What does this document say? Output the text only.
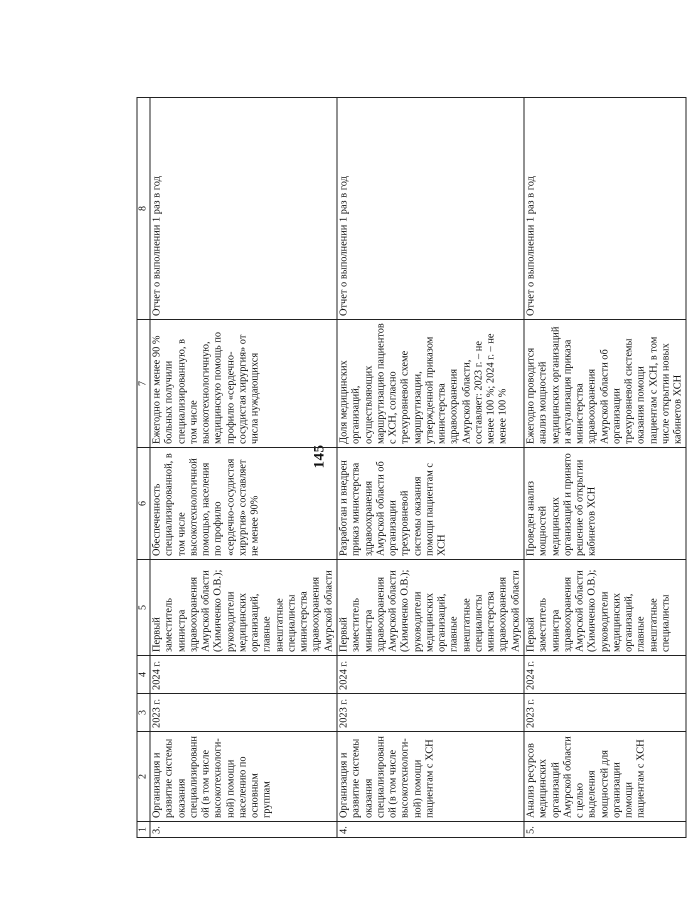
145
1	2	3	4	5	6	7	8
3.	Организация и развитие системы оказания специализированной (в том числе высокотехнологи-ной) помощи населению по основным группам	2023 г.	2024 г.	Первый заместитель министра здравоохранения Амурской области (Химиченко О.В.); руководители медицинских организаций, главные внештатные специалисты министерства здравоохранения Амурской области	Обеспеченность специализированной, в том числе высокотехнологичной помощью, населения по профилю «сердечно-сосудистая хирургия» составляет не менее 90%	Ежегодно не менее 90 % больных получили специализированную, в том числе высокотехнологичную, медицинскую помощь по профилю «сердечно-сосудистая хирургия» от числа нуждающихся	Отчет о выполнении 1 раз в год
4.	Организация и развитие системы оказания специализированной (в том числе высокотехнологи-ной) помощи пациентам с ХСН	2023 г.	2024 г.	Первый заместитель министра здравоохранения Амурской области (Химиченко О.В.); руководители медицинских организаций, главные внештатные специалисты министерства здравоохранения Амурской области	Разработан и внедрен приказ министерства здравоохранения Амурской области об организации трехуровневой системы оказания помощи пациентам с ХСН	Доля медицинских организаций, осуществляющих маршрутизацию пациентов с ХСН, согласно трехуровневой схеме маршрутизации, утвержденной приказом министерства здравоохранения Амурской области, составляет: 2023 г. – не менее 100 %; 2024 г. – не менее 100 %	Отчет о выполнении 1 раз в год
5.	Анализ ресурсов медицинских организаций Амурской области с целью выделения мощностей для организации помощи пациентам с ХСН	2023 г.	2024 г.	Первый заместитель министра здравоохранения Амурской области (Химиченко О.В.); руководители медицинских организаций, главные внештатные специалисты	Проведен анализ мощностей медицинских организаций и принято решение об открытии кабинетов ХСН	Ежегодно проводится анализ мощностей медицинских организаций и актуализация приказа министерства здравоохранения Амурской области об организации трехуровневой системы оказания помощи пациентам с ХСН, в том числе открытии новых кабинетов ХСН	Отчет о выполнении 1 раз в год
